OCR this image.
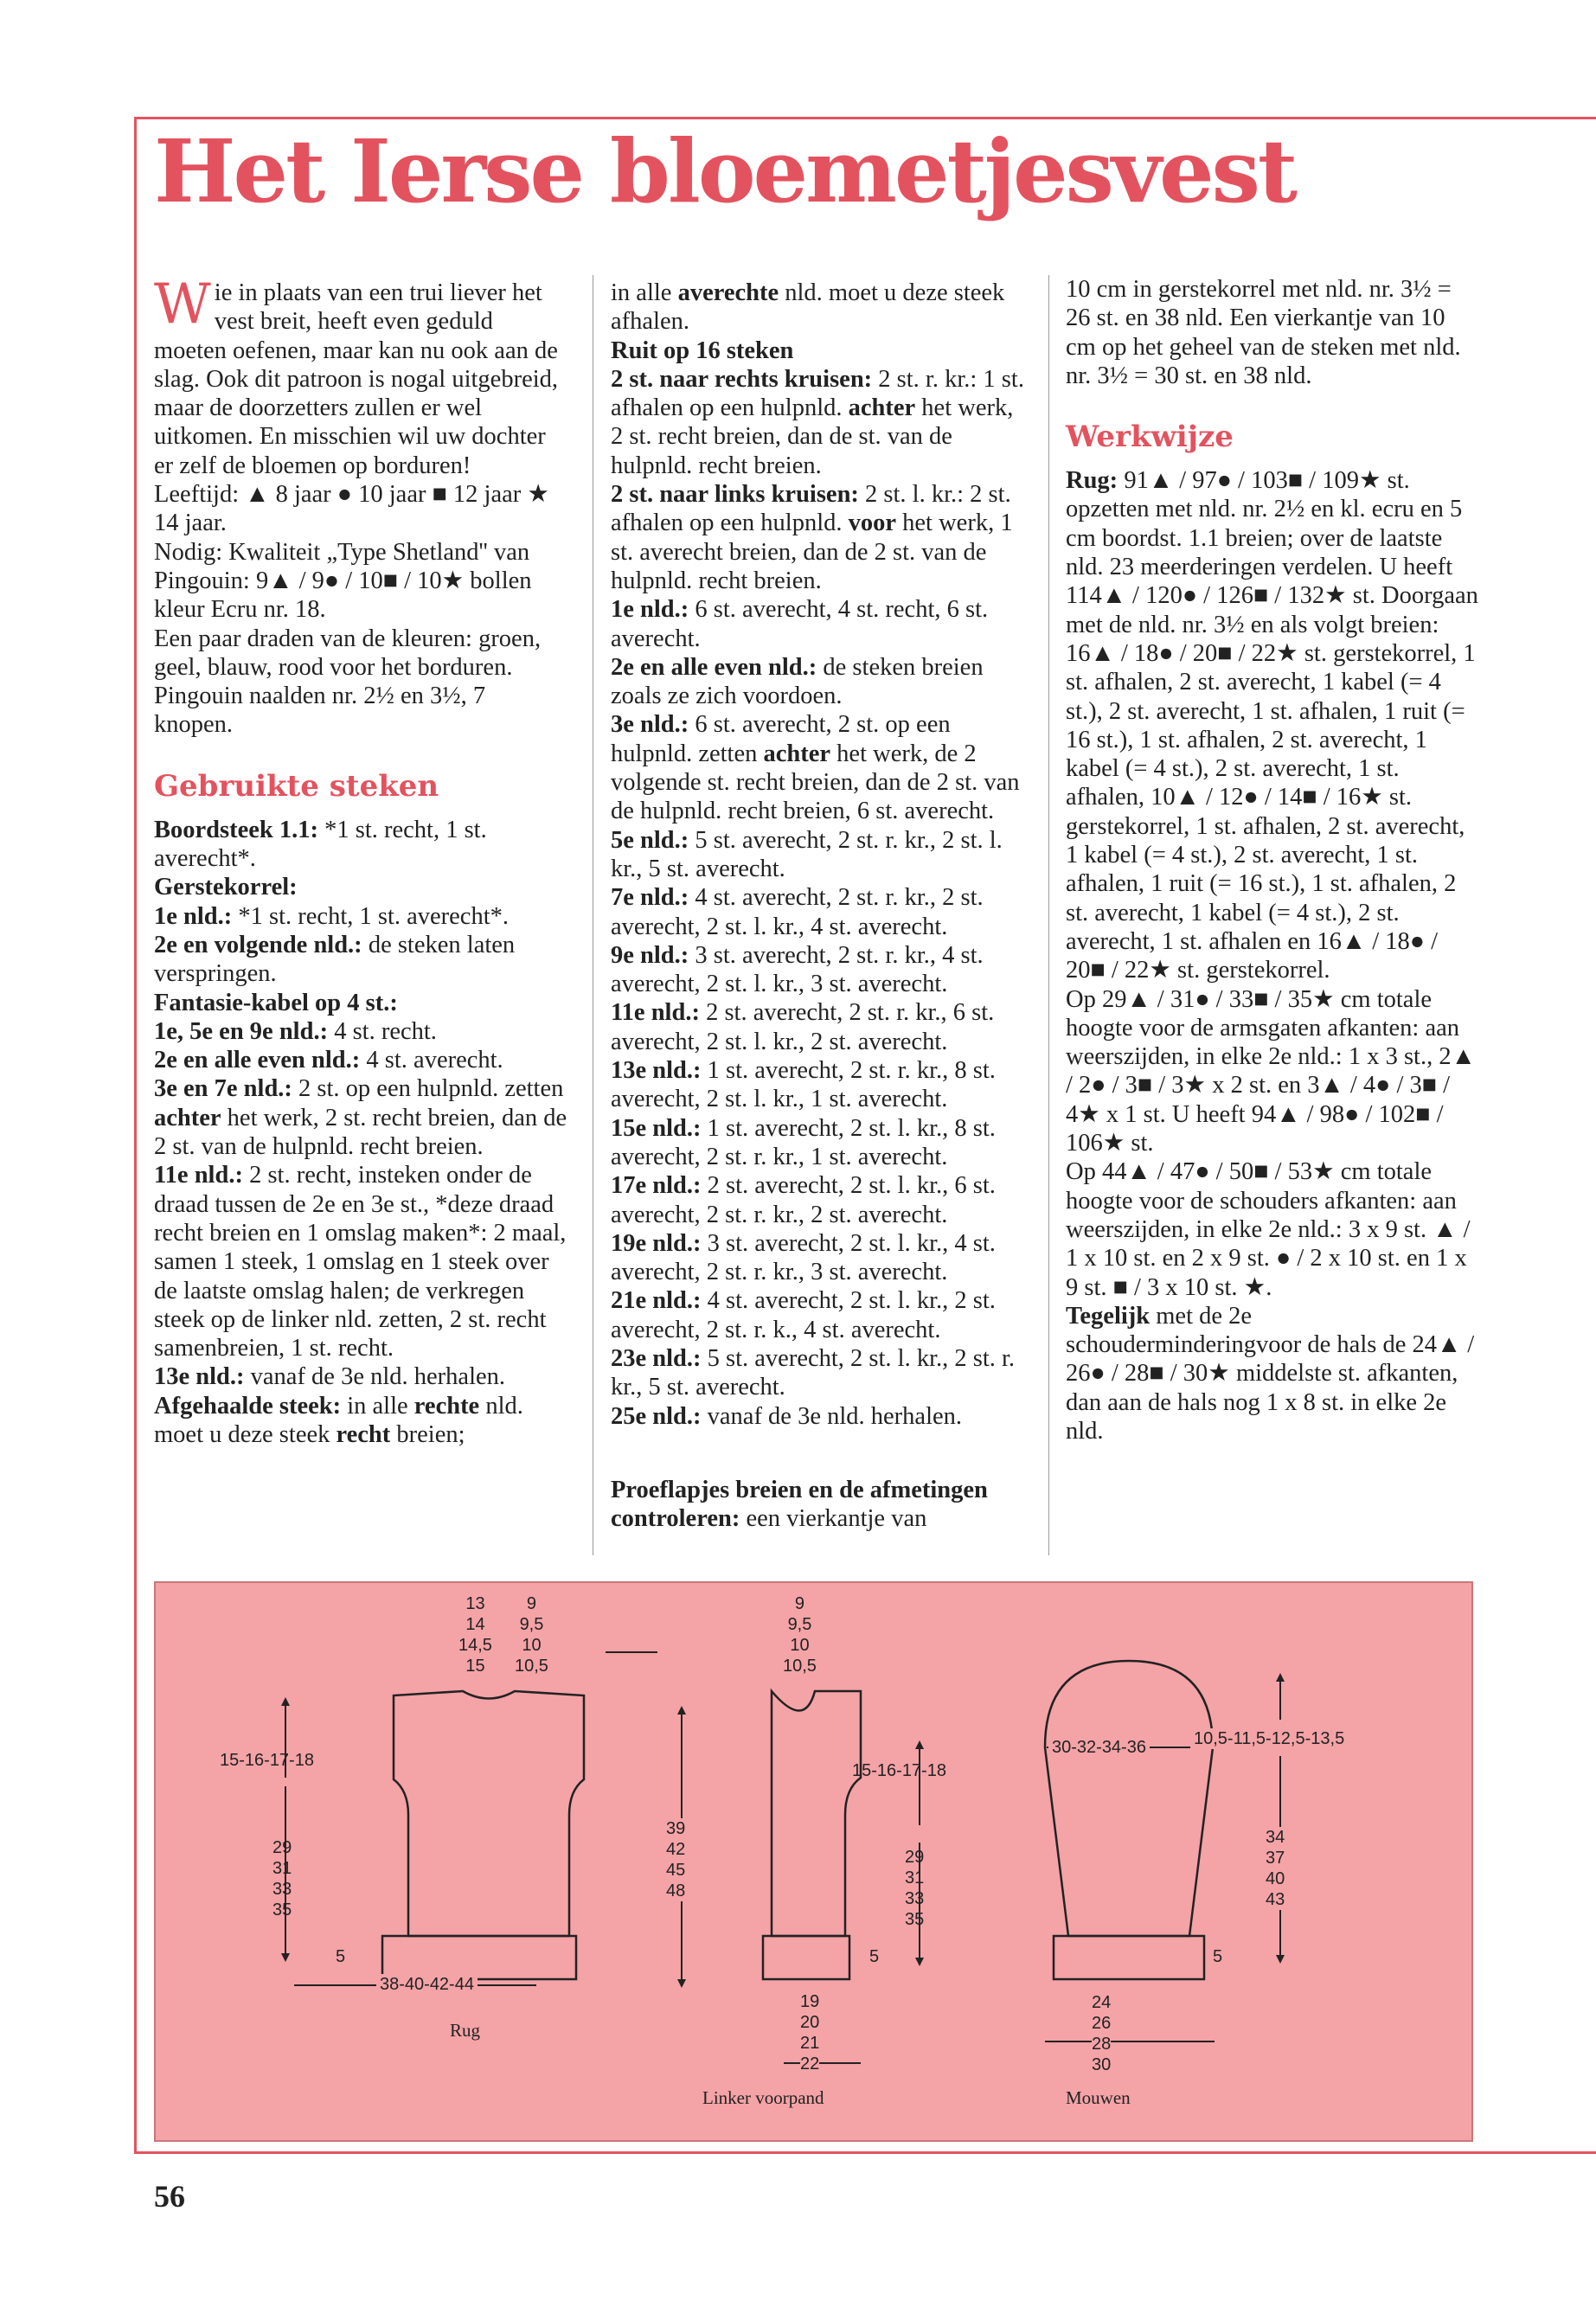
Het Ierse bloemetjesvest

Wie in plaats van een trui liever het vest breit, heeft even geduld moeten oefenen, maar kan nu ook aan de slag. Ook dit patroon is nogal uitgebreid, maar de doorzetters zullen er wel uitkomen. En misschien wil uw dochter er zelf de bloemen op borduren!

Leeftijd: ▲ 8 jaar ● 10 jaar ■ 12 jaar ★ 14 jaar.

Nodig: Kwaliteit „Type Shetland'' van Pingouin: 9▲ / 9● / 10■ / 10★ bollen kleur Ecru nr. 18.

Een paar draden van de kleuren: groen, geel, blauw, rood voor het borduren.

Pingouin naalden nr. 2½ en 3½, 7 knopen.

Gebruikte steken

Boordsteek 1.1: *1 st. recht, 1 st. averecht*.

Gerstekorrel:

1e nld.: *1 st. recht, 1 st. averecht*.

2e en volgende nld.: de steken laten verspringen.

Fantasie-kabel op 4 st.:

1e, 5e en 9e nld.: 4 st. recht.

2e en alle even nld.: 4 st. averecht.

3e en 7e nld.: 2 st. op een hulpnld. zetten achter het werk, 2 st. recht breien, dan de 2 st. van de hulpnld. recht breien.

11e nld.: 2 st. recht, insteken onder de draad tussen de 2e en 3e st., *deze draad recht breien en 1 omslag maken*: 2 maal, samen 1 steek, 1 omslag en 1 steek over de laatste omslag halen; de verkregen steek op de linker nld. zetten, 2 st. recht samenbreien, 1 st. recht.

13e nld.: vanaf de 3e nld. herhalen.

Afgehaalde steek: in alle rechte nld. moet u deze steek recht breien;

in alle averechte nld. moet u deze steek afhalen.

Ruit op 16 steken

2 st. naar rechts kruisen: 2 st. r. kr.: 1 st. afhalen op een hulpnld. achter het werk, 2 st. recht breien, dan de st. van de hulpnld. recht breien.

2 st. naar links kruisen: 2 st. l. kr.: 2 st. afhalen op een hulpnld. voor het werk, 1 st. averecht breien, dan de 2 st. van de hulpnld. recht breien.

1e nld.: 6 st. averecht, 4 st. recht, 6 st. averecht.

2e en alle even nld.: de steken breien zoals ze zich voordoen.

3e nld.: 6 st. averecht, 2 st. op een hulpnld. zetten achter het werk, de 2 volgende st. recht breien, dan de 2 st. van de hulpnld. recht breien, 6 st. averecht.

5e nld.: 5 st. averecht, 2 st. r. kr., 2 st. l. kr., 5 st. averecht.

7e nld.: 4 st. averecht, 2 st. r. kr., 2 st. averecht, 2 st. l. kr., 4 st. averecht.

9e nld.: 3 st. averecht, 2 st. r. kr., 4 st. averecht, 2 st. l. kr., 3 st. averecht.

11e nld.: 2 st. averecht, 2 st. r. kr., 6 st. averecht, 2 st. l. kr., 2 st. averecht.

13e nld.: 1 st. averecht, 2 st. r. kr., 8 st. averecht, 2 st. l. kr., 1 st. averecht.

15e nld.: 1 st. averecht, 2 st. l. kr., 8 st. averecht, 2 st. r. kr., 1 st. averecht.

17e nld.: 2 st. averecht, 2 st. l. kr., 6 st. averecht, 2 st. r. kr., 2 st. averecht.

19e nld.: 3 st. averecht, 2 st. l. kr., 4 st. averecht, 2 st. r. kr., 3 st. averecht.

21e nld.: 4 st. averecht, 2 st. l. kr., 2 st. averecht, 2 st. r. k., 4 st. averecht.

23e nld.: 5 st. averecht, 2 st. l. kr., 2 st. r. kr., 5 st. averecht.

25e nld.: vanaf de 3e nld. herhalen.

Proeflapjes breien en de afmetingen controleren: een vierkantje van

10 cm in gerstekorrel met nld. nr. 3½ = 26 st. en 38 nld. Een vierkantje van 10 cm op het geheel van de steken met nld. nr. 3½ = 30 st. en 38 nld.

Werkwijze

Rug: 91▲ / 97● / 103■ / 109★ st. opzetten met nld. nr. 2½ en kl. ecru en 5 cm boordst. 1.1 breien; over de laatste nld. 23 meerderingen verdelen. U heeft 114▲ / 120● / 126■ / 132★ st. Doorgaan met de nld. nr. 3½ en als volgt breien: 16▲ / 18● / 20■ / 22★ st. gerstekorrel, 1 st. afhalen, 2 st. averecht, 1 kabel (= 4 st.), 2 st. averecht, 1 st. afhalen, 1 ruit (= 16 st.), 1 st. afhalen, 2 st. averecht, 1 kabel (= 4 st.), 2 st. averecht, 1 st. afhalen, 10▲ / 12● / 14■ / 16★ st. gerstekorrel, 1 st. afhalen, 2 st. averecht, 1 kabel (= 4 st.), 2 st. averecht, 1 st. afhalen, 1 ruit (= 16 st.), 1 st. afhalen, 2 st. averecht, 1 kabel (= 4 st.), 2 st. averecht, 1 st. afhalen en 16▲ / 18● / 20■ / 22★ st. gerstekorrel.

Op 29▲ / 31● / 33■ / 35★ cm totale hoogte voor de armsgaten afkanten: aan weerszijden, in elke 2e nld.: 1 x 3 st., 2▲ / 2● / 3■ / 3★ x 2 st. en 3▲ / 4● / 3■ / 4★ x 1 st. U heeft 94▲ / 98● / 102■ / 106★ st.

Op 44▲ / 47● / 50■ / 53★ cm totale hoogte voor de schouders afkanten: aan weerszijden, in elke 2e nld.: 3 x 9 st. ▲ / 1 x 10 st. en 2 x 9 st. ● / 2 x 10 st. en 1 x 9 st. ■ / 3 x 10 st. ★.

Tegelijk met de 2e schouderminderingvoor de hals de 24▲ / 26● / 28■ / 30★ middelste st. afkanten, dan aan de hals nog 1 x 8 st. in elke 2e nld.

13
14
14,5
15
9
9,5
10
10,5
15-16-17-18
29
31
33
35
5
38-40-42-44
Rug
9
9,5
10
10,5
39
42
45
48
15-16-17-18
29
31
33
35
5
19
20
21
22
Linker voorpand
30-32-34-36	10,5-11,5-12,5-13,5
34
37
40
43
5
24
26
28
30
Mouwen
56
